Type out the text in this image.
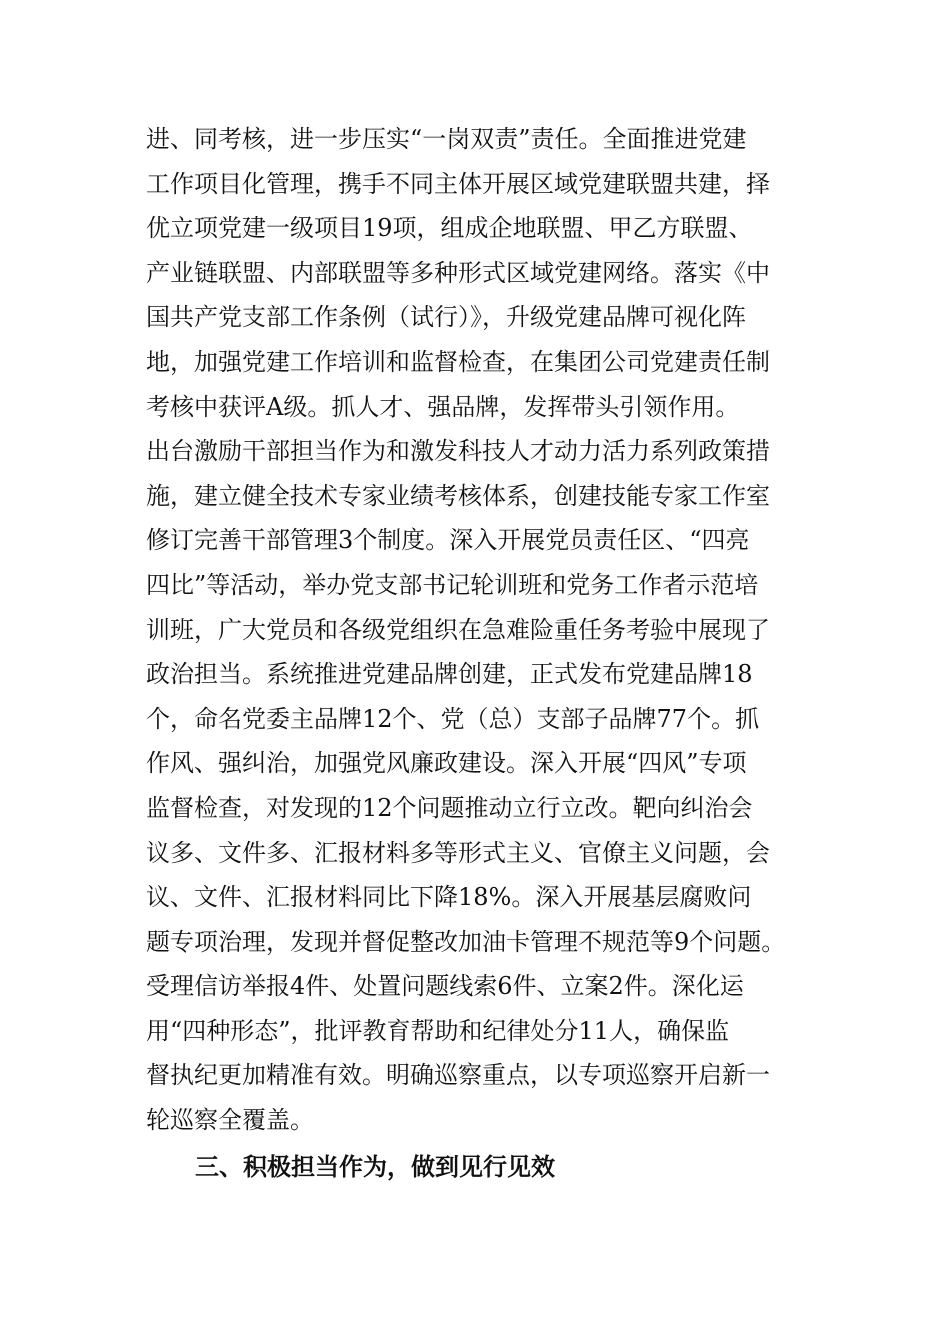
进、同考核，进一步压实“一岗双责”责任。全面推进党建
工作项目化管理，携手不同主体开展区域党建联盟共建，择
优立项党建一级项目19项，组成企地联盟、甲乙方联盟、
产业链联盟、内部联盟等多种形式区域党建网络。落实《中
国共产党支部工作条例（试行）》，升级党建品牌可视化阵
地，加强党建工作培训和监督检查，在集团公司党建责任制
考核中获评A级。抓人才、强品牌，发挥带头引领作用。
出台激励干部担当作为和激发科技人才动力活力系列政策措
施，建立健全技术专家业绩考核体系，创建技能专家工作室
修订完善干部管理3个制度。深入开展党员责任区、“四亮
四比”等活动，举办党支部书记轮训班和党务工作者示范培
训班，广大党员和各级党组织在急难险重任务考验中展现了
政治担当。系统推进党建品牌创建，正式发布党建品牌18
个，命名党委主品牌12个、党（总）支部子品牌77个。抓
作风、强纠治，加强党风廉政建设。深入开展“四风”专项
监督检查，对发现的12个问题推动立行立改。靶向纠治会
议多、文件多、汇报材料多等形式主义、官僚主义问题，会
议、文件、汇报材料同比下降18%。深入开展基层腐败问
题专项治理，发现并督促整改加油卡管理不规范等9个问题。
受理信访举报4件、处置问题线索6件、立案2件。深化运
用“四种形态”，批评教育帮助和纪律处分11人，确保监
督执纪更加精准有效。明确巡察重点，以专项巡察开启新一
轮巡察全覆盖。
三、积极担当作为，做到见行见效
